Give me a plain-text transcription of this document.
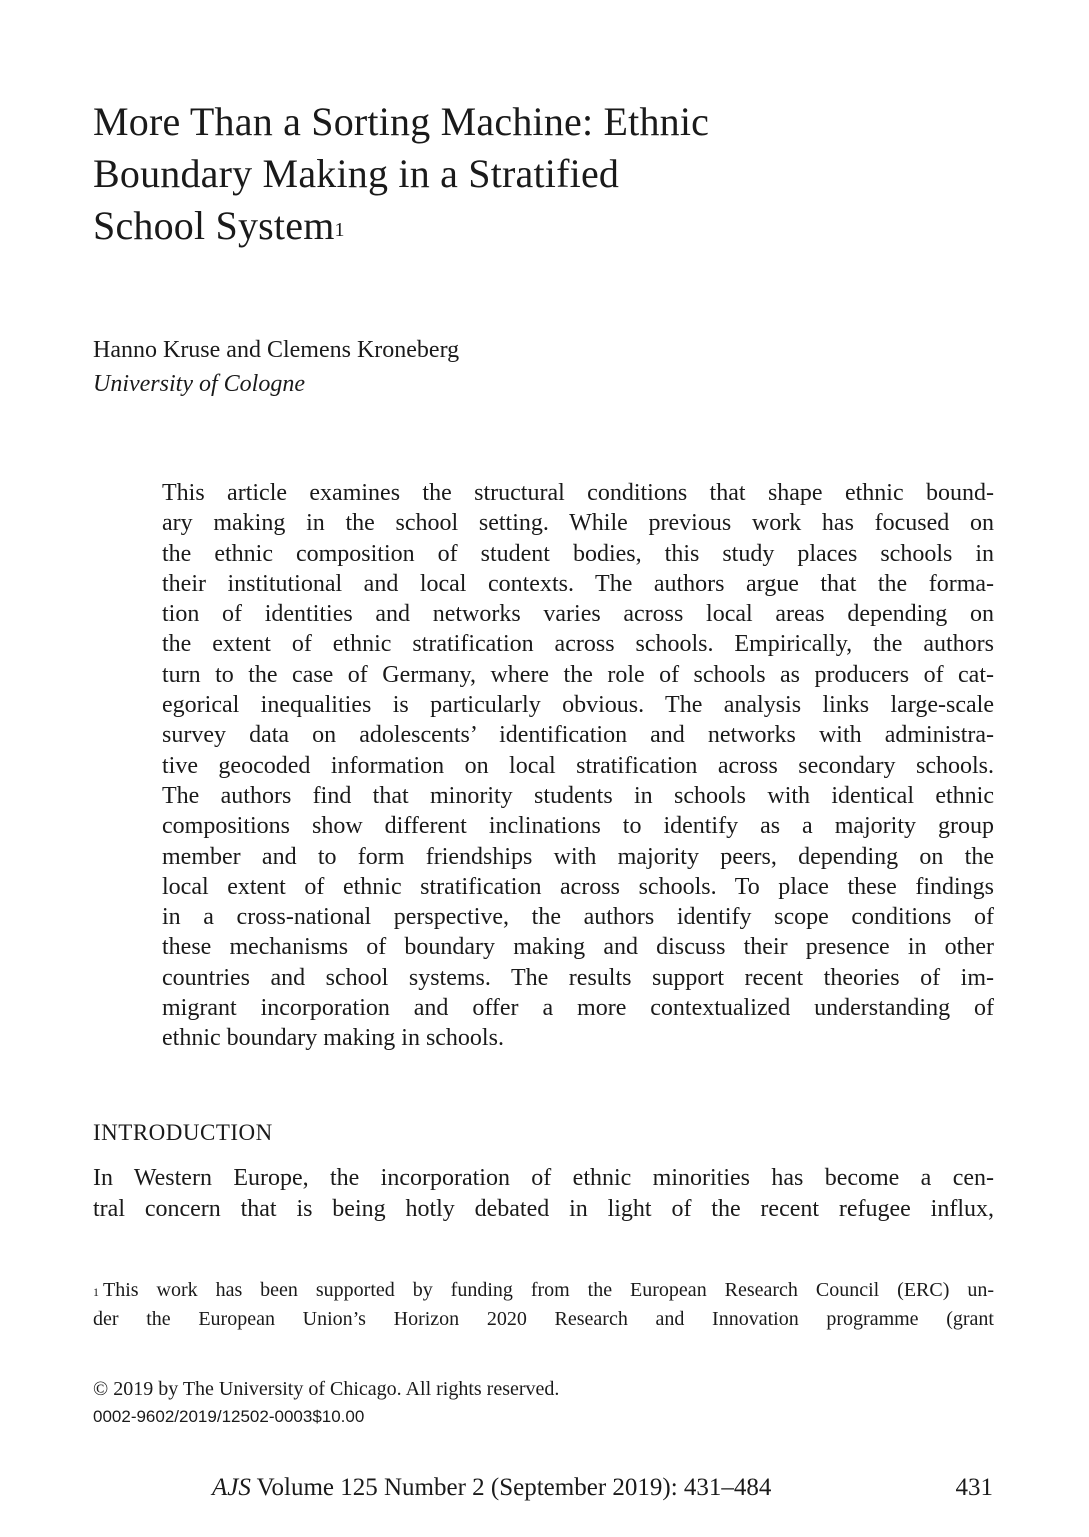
More Than a Sorting Machine: Ethnic
Boundary Making in a Stratified
School System$^1$
Hanno Kruse and Clemens Kroneberg
University of Cologne
This article examines the structural conditions that shape ethnic bound-
ary making in the school setting. While previous work has focused on
the ethnic composition of student bodies, this study places schools in
their institutional and local contexts. The authors argue that the forma-
tion of identities and networks varies across local areas depending on
the extent of ethnic stratification across schools. Empirically, the authors
turn to the case of Germany, where the role of schools as producers of cat-
egorical inequalities is particularly obvious. The analysis links large-scale
survey data on adolescents’ identification and networks with administra-
tive geocoded information on local stratification across secondary schools.
The authors find that minority students in schools with identical ethnic
compositions show different inclinations to identify as a majority group
member and to form friendships with majority peers, depending on the
local extent of ethnic stratification across schools. To place these findings
in a cross-national perspective, the authors identify scope conditions of
these mechanisms of boundary making and discuss their presence in other
countries and school systems. The results support recent theories of im-
migrant incorporation and offer a more contextualized understanding of
ethnic boundary making in schools.
INTRODUCTION
In Western Europe, the incorporation of ethnic minorities has become a cen-
tral concern that is being hotly debated in light of the recent refugee influx,
$^1$ This work has been supported by funding from the European Research Council (ERC) un-
der the European Union’s Horizon 2020 Research and Innovation programme (grant
© 2019 by The University of Chicago. All rights reserved.
0002-9602/2019/12502-0003$10.00
AJS Volume 125 Number 2 (September 2019): 431–484	431
